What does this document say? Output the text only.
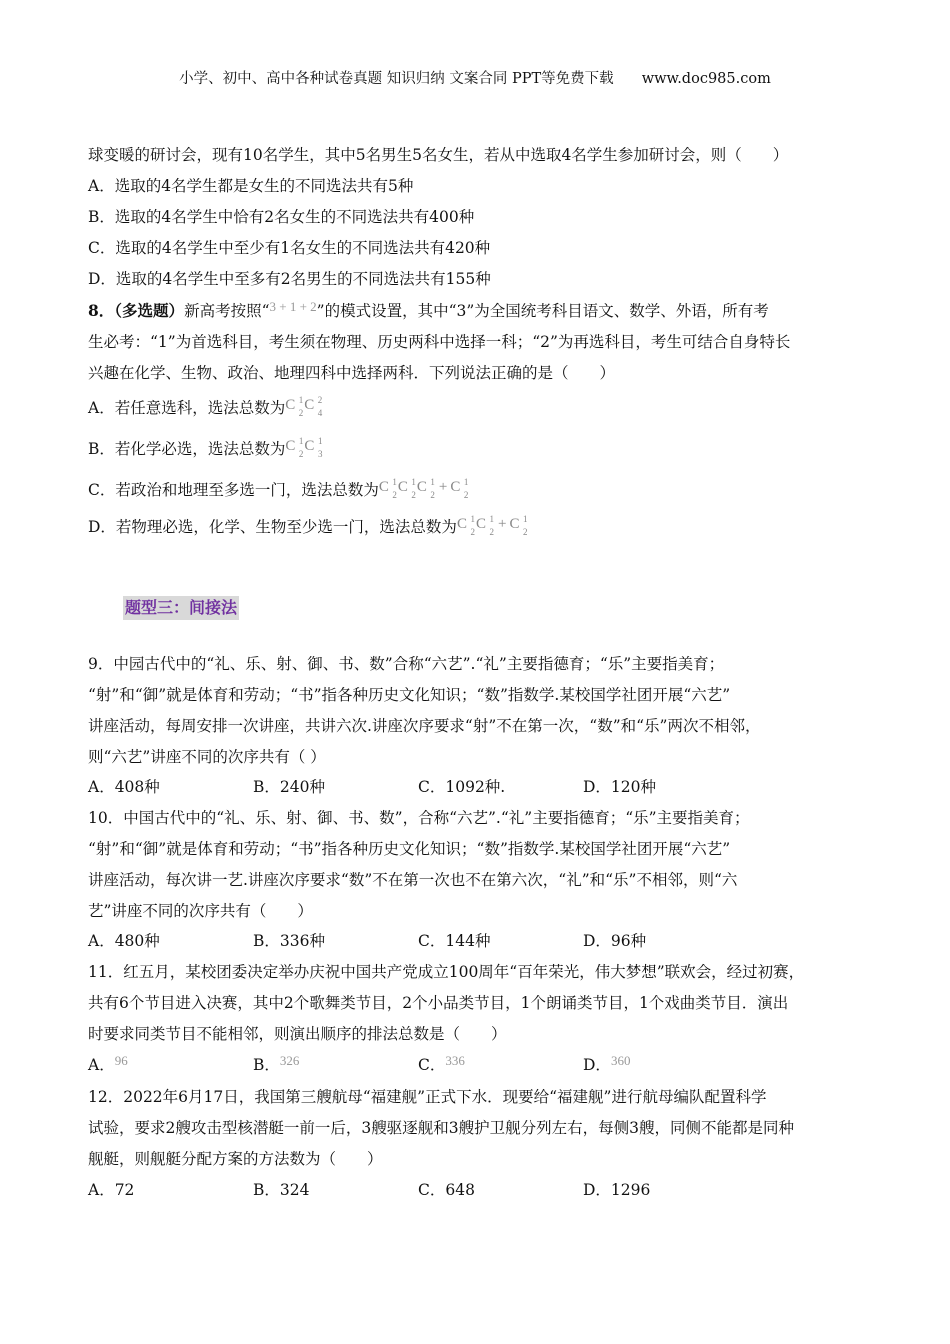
小学、初中、高中各种试卷真题 知识归纳 文案合同 PPT等免费下载 www.doc985.com
球变暖的研讨会，现有10名学生，其中5名男生5名女生，若从中选取4名学生参加研讨会，则（　　）
A．选取的4名学生都是女生的不同选法共有5种
B．选取的4名学生中恰有2名女生的不同选法共有400种
C．选取的4名学生中至少有1名女生的不同选法共有420种
D．选取的4名学生中至多有2名男生的不同选法共有155种
8．（多选题）新高考按照“$^{3 + 1 + 2}$”的模式设置，其中“3”为全国统考科目语文、数学、外语，所有考
生必考：“1”为首选科目，考生须在物理、历史两科中选择一科；“2”为再选科目，考生可结合自身特长
兴趣在化学、生物、政治、地理四科中选择两科．下列说法正确的是（　　）
A．若任意选科，选法总数为C 1
2 C 2
4
B．若化学必选，选法总数为C 1
2 C 1
3
C．若政治和地理至多选一门，选法总数为C 1
2 C 1
2 C 1
2 + C 1
2
D．若物理必选，化学、生物至少选一门，选法总数为C 1
2 C 1
2 + C 1
2
题型三：间接法
9．中园古代中的“礼、乐、射、御、书、数”合称“六艺”.“礼”主要指德育；“乐”主要指美育；
“射”和“御”就是体育和劳动；“书”指各种历史文化知识；“数”指数学.某校国学社团开展“六艺”
讲座活动，每周安排一次讲座，共讲六次.讲座次序要求“射”不在第一次，“数”和“乐”两次不相邻，
则“六艺”讲座不同的次序共有（ ）
A．408种	B．240种	C．1092种.	D．120种
10．中国古代中的“礼、乐、射、御、书、数”，合称“六艺”.“礼”主要指德育；“乐”主要指美育；
“射”和“御”就是体育和劳动；“书”指各种历史文化知识；“数”指数学.某校国学社团开展“六艺”
讲座活动，每次讲一艺.讲座次序要求“数”不在第一次也不在第六次，“礼”和“乐”不相邻，则“六
艺”讲座不同的次序共有（　　）
A．480种	B．336种	C．144种	D．96种
11．红五月，某校团委决定举办庆祝中国共产党成立100周年“百年荣光，伟大梦想”联欢会，经过初赛，
共有6个节目进入决赛，其中2个歌舞类节目，2个小品类节目，1个朗诵类节目，1个戏曲类节目．演出
时要求同类节目不能相邻，则演出顺序的排法总数是（　　）
A．$^{96}$	B．$^{326}$	C．$^{336}$	D．$^{360}$
12．2022年6月17日，我国第三艘航母“福建舰”正式下水．现要给“福建舰”进行航母编队配置科学
试验，要求2艘攻击型核潜艇一前一后，3艘驱逐舰和3艘护卫舰分列左右，每侧3艘，同侧不能都是同种
舰艇，则舰艇分配方案的方法数为（　　）
A．72	B．324	C．648	D．1296
